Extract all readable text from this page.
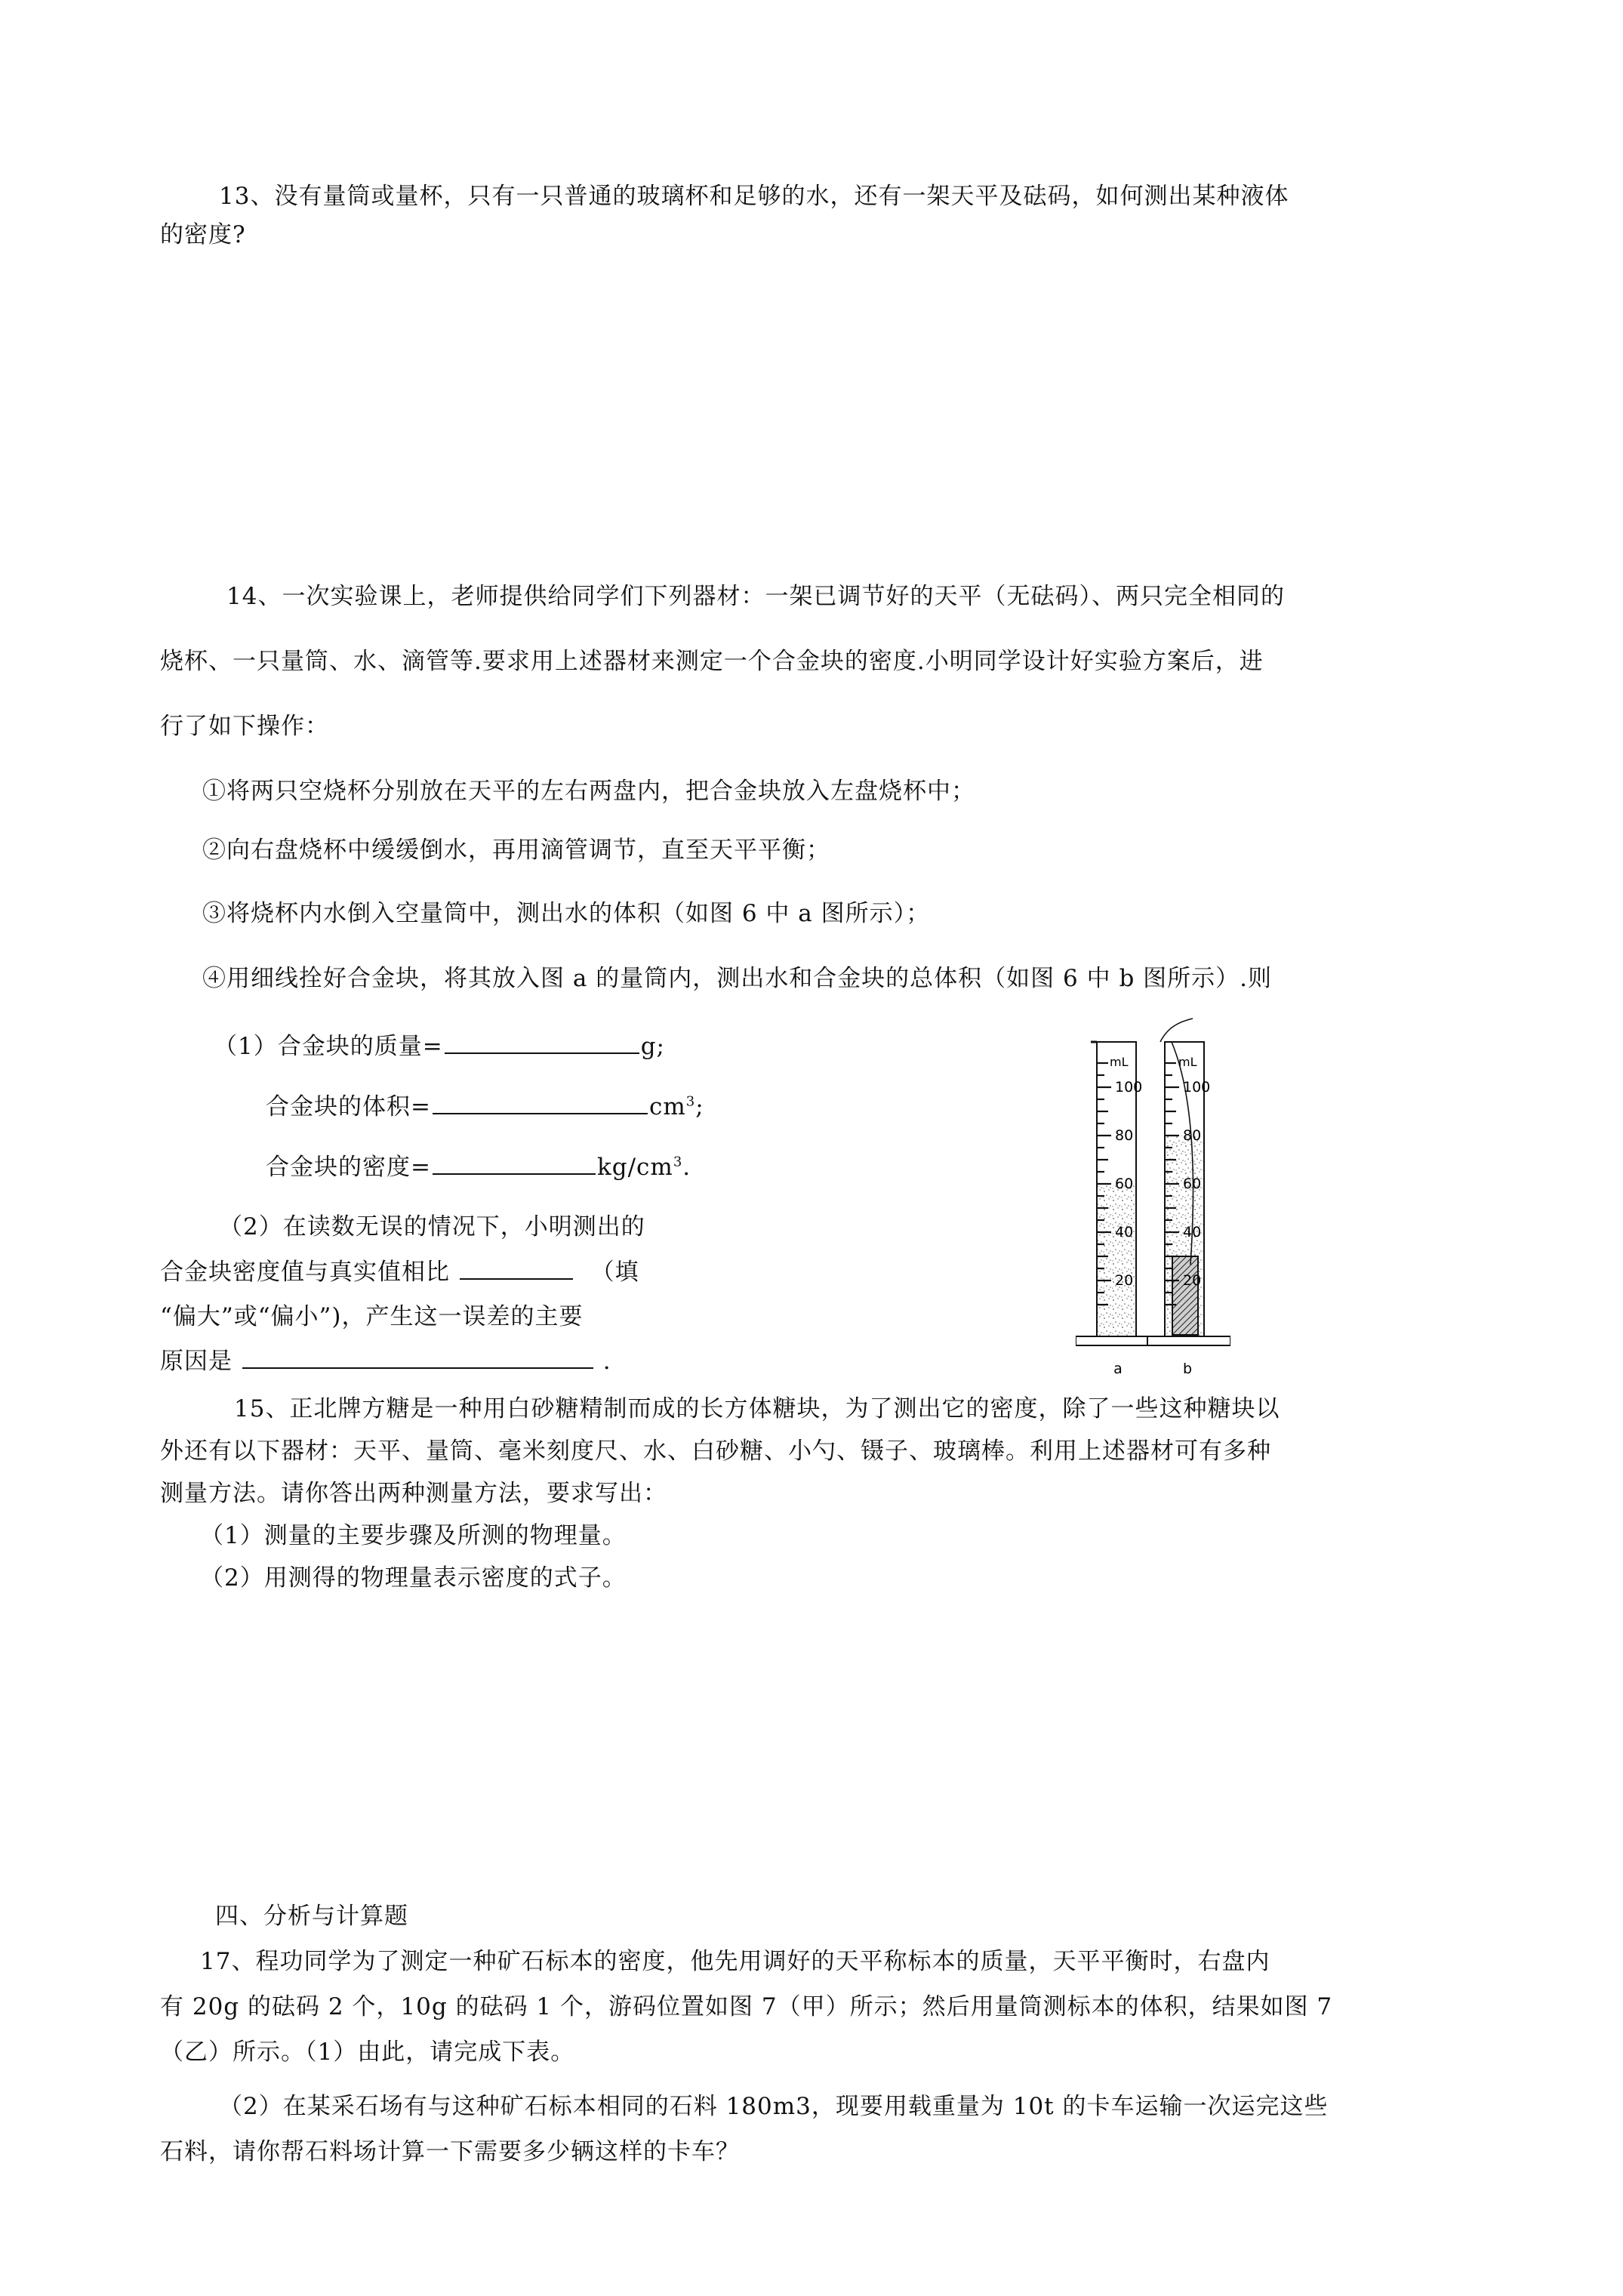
13、没有量筒或量杯，只有一只普通的玻璃杯和足够的水，还有一架天平及砝码，如何测出某种液体
的密度?
14、一次实验课上，老师提供给同学们下列器材：一架已调节好的天平（无砝码）、两只完全相同的
烧杯、一只量筒、水、滴管等.要求用上述器材来测定一个合金块的密度.小明同学设计好实验方案后，进
行了如下操作：
①将两只空烧杯分别放在天平的左右两盘内，把合金块放入左盘烧杯中；
②向右盘烧杯中缓缓倒水，再用滴管调节，直至天平平衡；
③将烧杯内水倒入空量筒中，测出水的体积（如图 6 中 a 图所示）；
④用细线拴好合金块，将其放入图 a 的量筒内，测出水和合金块的总体积（如图 6 中 b 图所示）.则
（1）合金块的质量=	g;
合金块的体积=	$cm^3$;
合金块的密度=	$kg/cm^3$.
（2）在读数无误的情况下，小明测出的
合金块密度值与真实值相比	（填
“偏大”或“偏小”)，产生这一误差的主要
原因是	.
100
80
60
40
20
100
80
60
40
20
a	b
mL	mL
15、正北牌方糖是一种用白砂糖精制而成的长方体糖块，为了测出它的密度，除了一些这种糖块以
外还有以下器材：天平、量筒、毫米刻度尺、水、白砂糖、小勺、镊子、玻璃棒。利用上述器材可有多种
测量方法。请你答出两种测量方法，要求写出：
（1）测量的主要步骤及所测的物理量。
（2）用测得的物理量表示密度的式子。
四、分析与计算题
17、程功同学为了测定一种矿石标本的密度，他先用调好的天平称标本的质量，天平平衡时，右盘内
有 20g 的砝码 2 个，10g 的砝码 1 个，游码位置如图 7（甲）所示；然后用量筒测标本的体积，结果如图 7
（乙）所示。（1）由此，请完成下表。
（2）在某采石场有与这种矿石标本相同的石料 180m3，现要用载重量为 10t 的卡车运输一次运完这些
石料，请你帮石料场计算一下需要多少辆这样的卡车？
